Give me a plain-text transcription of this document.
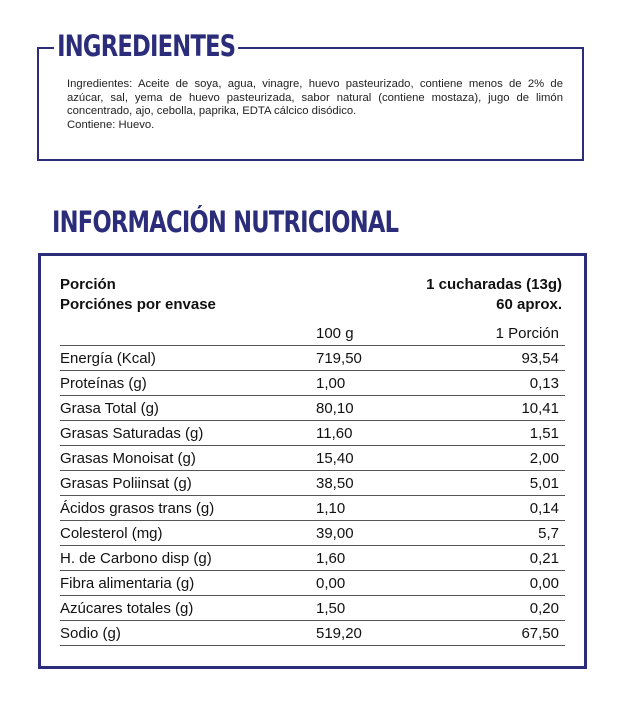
INGREDIENTES

Ingredientes: Aceite de soya, agua, vinagre, huevo pasteurizado, contiene menos de 2% de azúcar, sal, yema de huevo pasteurizada, sabor natural (contiene mostaza), jugo de limón concentrado, ajo, cebolla, paprika, EDTA cálcico disódico.

Contiene: Huevo.

INFORMACIÓN NUTRICIONAL
Porción	1 cucharadas (13g)
Porciónes por envase	60 aprox.
	100 g	1 Porción
Energía (Kcal)	719,50	93,54
Proteínas (g)	1,00	0,13
Grasa Total (g)	80,10	10,41
Grasas Saturadas (g)	11,60	1,51
Grasas Monoisat (g)	15,40	2,00
Grasas Poliinsat (g)	38,50	5,01
Ácidos grasos trans (g)	1,10	0,14
Colesterol (mg)	39,00	5,7
H. de Carbono disp (g)	1,60	0,21
Fibra alimentaria (g)	0,00	0,00
Azúcares totales (g)	1,50	0,20
Sodio (g)	519,20	67,50
